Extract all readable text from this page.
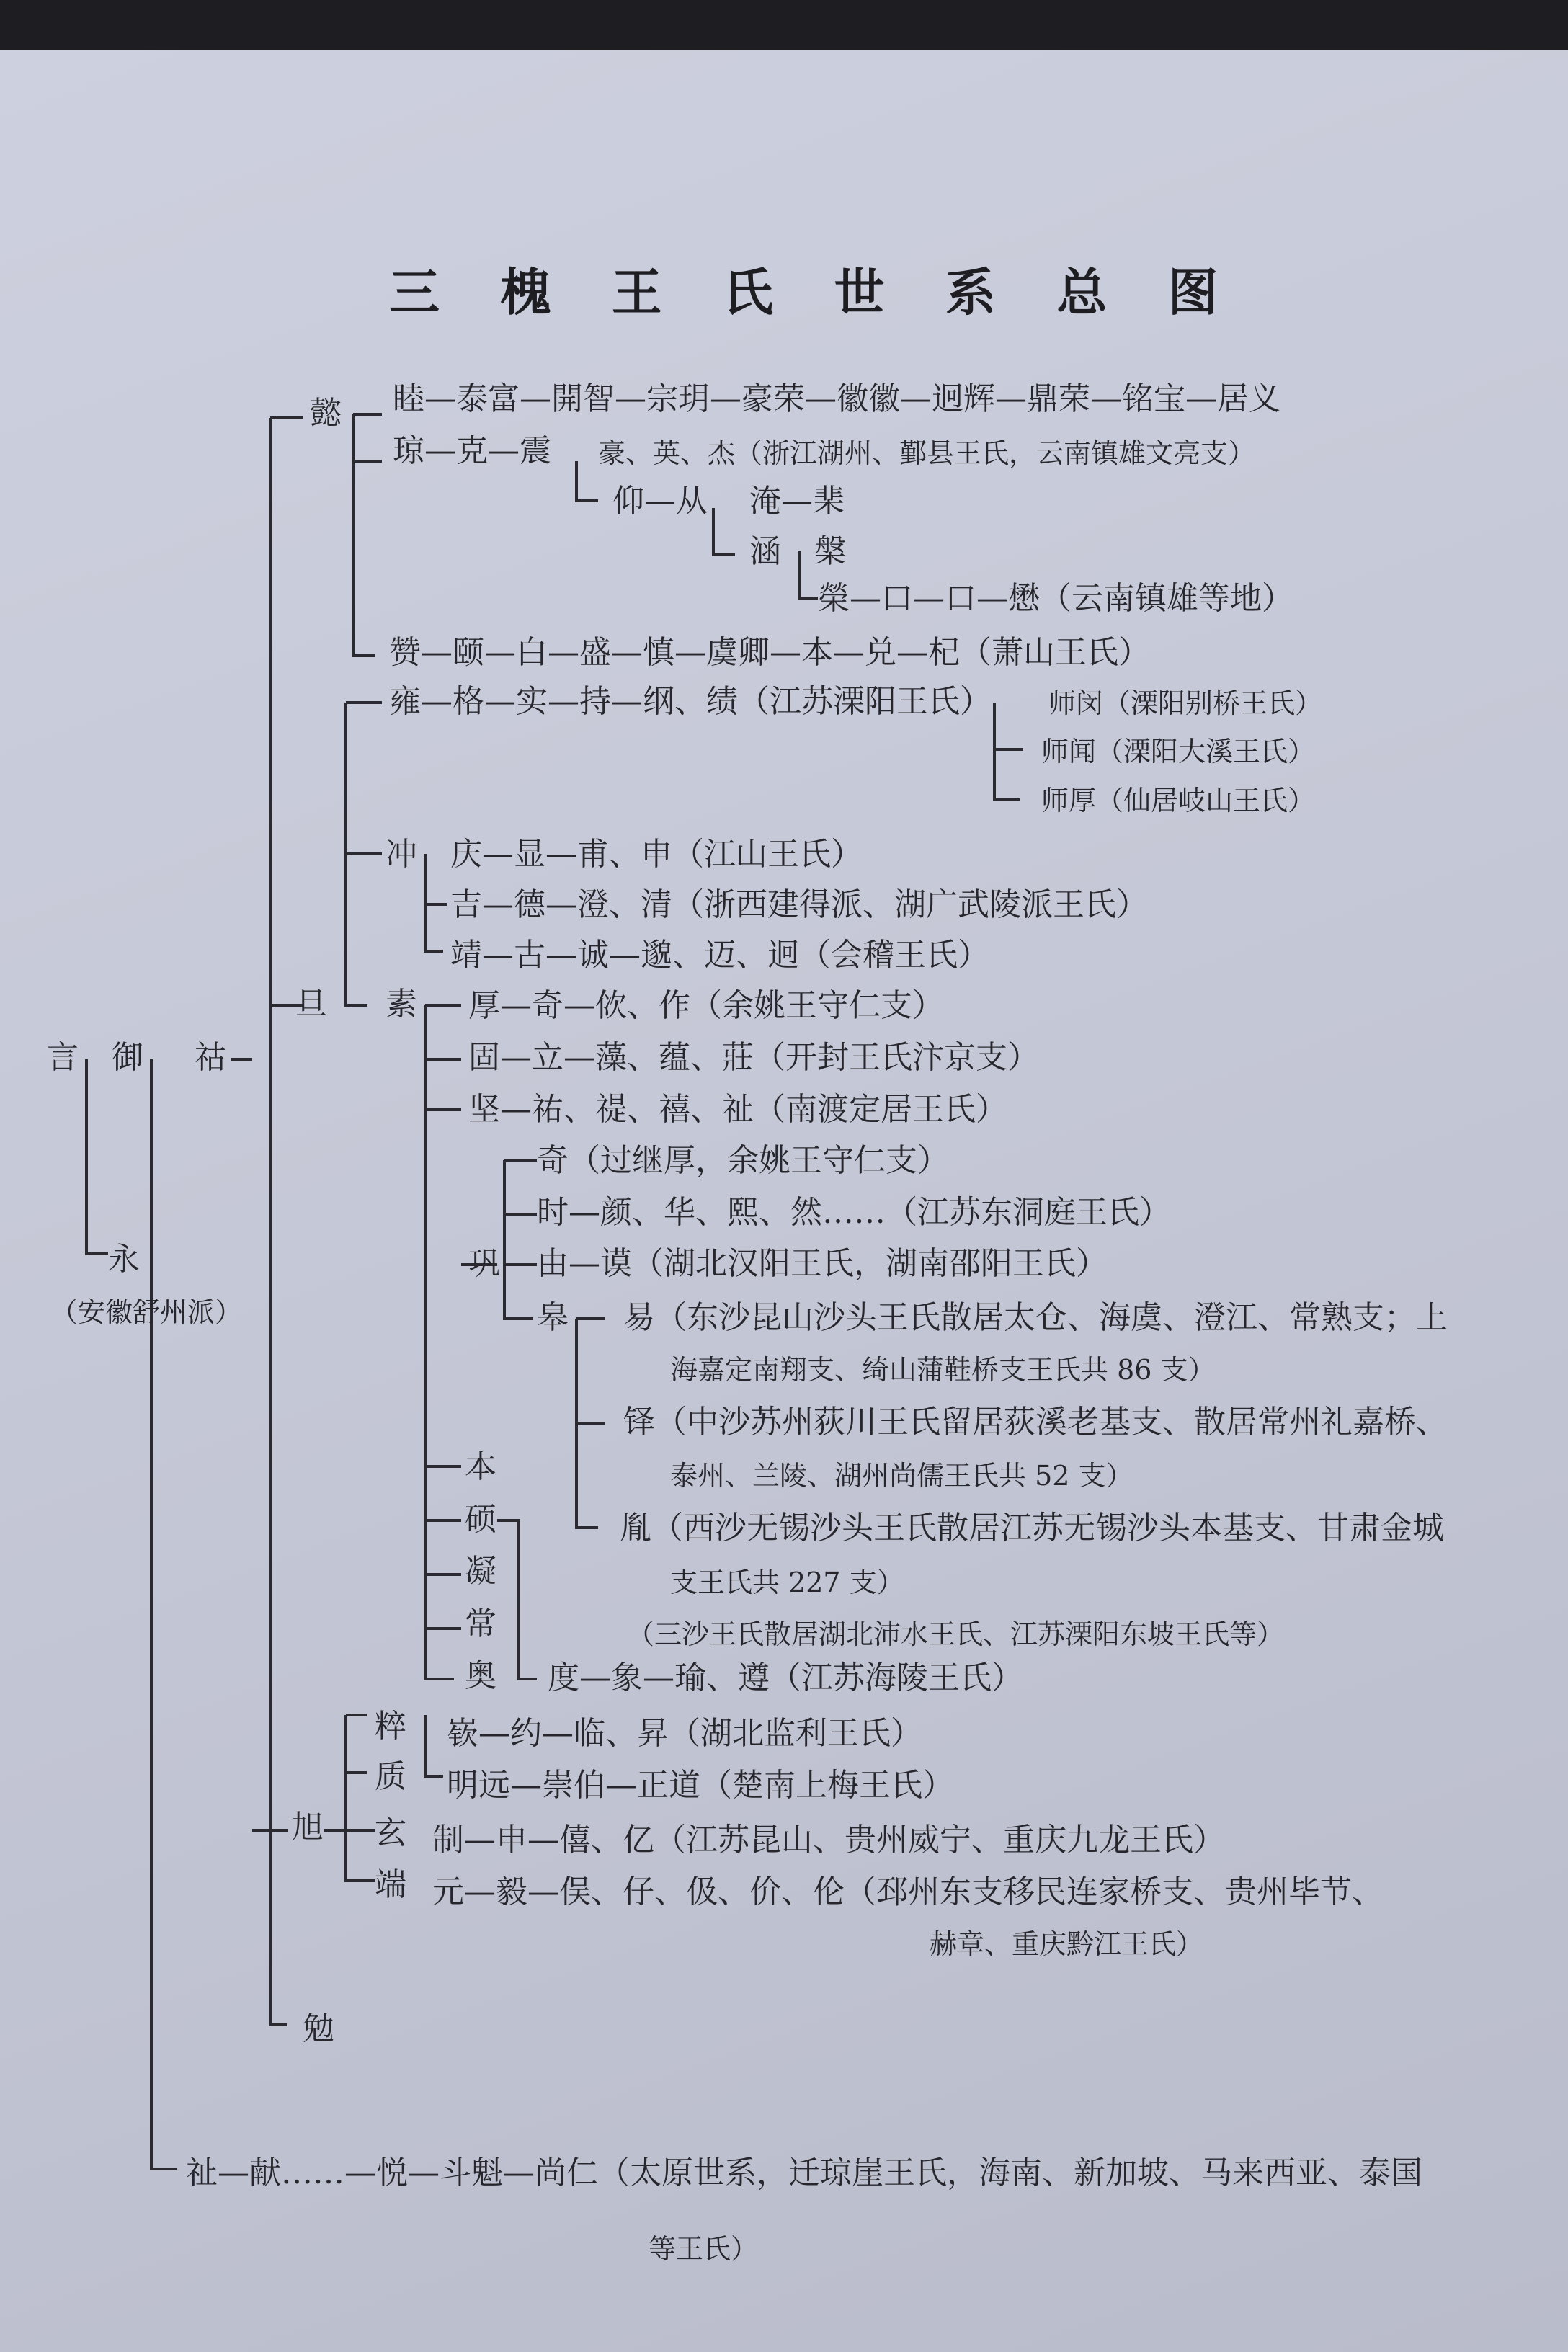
三 槐 王 氏 世 系 总 图
懿 睦—泰富—開智—宗玥—豪荣—徽徽—迥辉—鼎荣—铭宝—居义
琼—克—震 豪、英、杰（浙江湖州、鄞县王氏，云南镇雄文亮支）
仰—从 淹—棐
涵 槃
榮—口—口—懋（云南镇雄等地）
赞—颐—白—盛—慎—虞卿—本—兑—杞（萧山王氏）
雍—格—实—持—纲、绩（江苏溧阳王氏） 师闵（溧阳别桥王氏）
师闻（溧阳大溪王氏）
师厚（仙居岐山王氏）
冲 庆—显—甫、申（江山王氏）
吉—德—澄、清（浙西建得派、湖广武陵派王氏）
靖—古—诚—邈、迈、迥（会稽王氏）
旦 素 厚—奇—佽、作（余姚王守仁支）
固—立—藻、蕴、莊（开封王氏汴京支）
坚—祐、禔、禧、祉（南渡定居王氏）
奇（过继厚，余姚王守仁支）
时—颜、华、熙、然……（江苏东洞庭王氏）
巩 由—谟（湖北汉阳王氏，湖南邵阳王氏）
皋 易（东沙昆山沙头王氏散居太仓、海虞、澄江、常熟支；上
海嘉定南翔支、绮山蒲鞋桥支王氏共 86 支）
铎（中沙苏州荻川王氏留居荻溪老基支、散居常州礼嘉桥、
泰州、兰陵、湖州尚儒王氏共 52 支）
本
硕
凝
常
奥
胤（西沙无锡沙头王氏散居江苏无锡沙头本基支、甘肃金城
支王氏共 227 支）
（三沙王氏散居湖北沛水王氏、江苏溧阳东坡王氏等）
度—象—瑜、遵（江苏海陵王氏）
言 御 祜
永
（安徽舒州派）
旭
粹
质
玄
端
嵚—约—临、昇（湖北监利王氏）
明远—崇伯—正道（楚南上梅王氏）
制—申—僖、亿（江苏昆山、贵州威宁、重庆九龙王氏）
元—毅—俣、仔、伋、价、伦（邳州东支移民连家桥支、贵州毕节、
赫章、重庆黔江王氏）
勉
祉—献……—悦—斗魁—尚仁（太原世系，迁琼崖王氏，海南、新加坡、马来西亚、泰国
等王氏）
